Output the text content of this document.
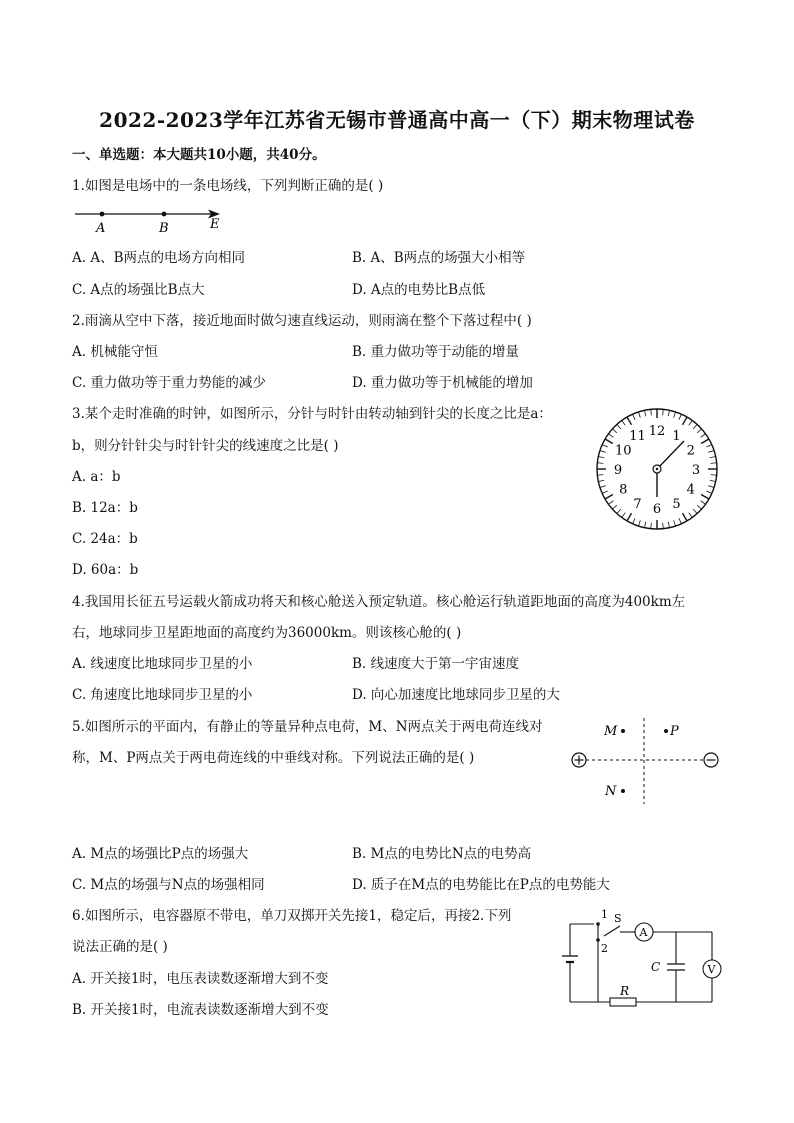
2022-2023学年江苏省无锡市普通高中高一（下）期末物理试卷
一、单选题：本大题共10小题，共40分。
1.如图是电场中的一条电场线，下列判断正确的是( )
A	B	E
A. A、B两点的电场方向相同	B. A、B两点的场强大小相等
C. A点的场强比B点大	D. A点的电势比B点低
2.雨滴从空中下落，接近地面时做匀速直线运动，则雨滴在整个下落过程中( )
A. 机械能守恒	B. 重力做功等于动能的增量
C. 重力做功等于重力势能的减少	D. 重力做功等于机械能的增加
3.某个走时准确的时钟，如图所示，分针与时针由转动轴到针尖的长度之比是a：
b，则分针针尖与时针针尖的线速度之比是( )
A. a：b
B. 12a：b
C. 24a：b
D. 60a：b
12 1
2
3
4
5
6
7
8
9
10
11
4.我国用长征五号运载火箭成功将天和核心舱送入预定轨道。核心舱运行轨道距地面的高度为400km左
右，地球同步卫星距地面的高度约为36000km。则该核心舱的( )
A. 线速度比地球同步卫星的小	B. 线速度大于第一宇宙速度
C. 角速度比地球同步卫星的小	D. 向心加速度比地球同步卫星的大
5.如图所示的平面内，有静止的等量异种点电荷，M、N两点关于两电荷连线对
称，M、P两点关于两电荷连线的中垂线对称。下列说法正确的是( )
M	P
N
A. M点的场强比P点的场强大	B. M点的电势比N点的电势高
C. M点的场强与N点的场强相同	D. 质子在M点的电势能比在P点的电势能大
6.如图所示，电容器原不带电，单刀双掷开关先接1，稳定后，再接2.下列
说法正确的是( )
A. 开关接1时，电压表读数逐渐增大到不变
B. 开关接1时，电流表读数逐渐增大到不变
1 S
2
A
C	V
R
